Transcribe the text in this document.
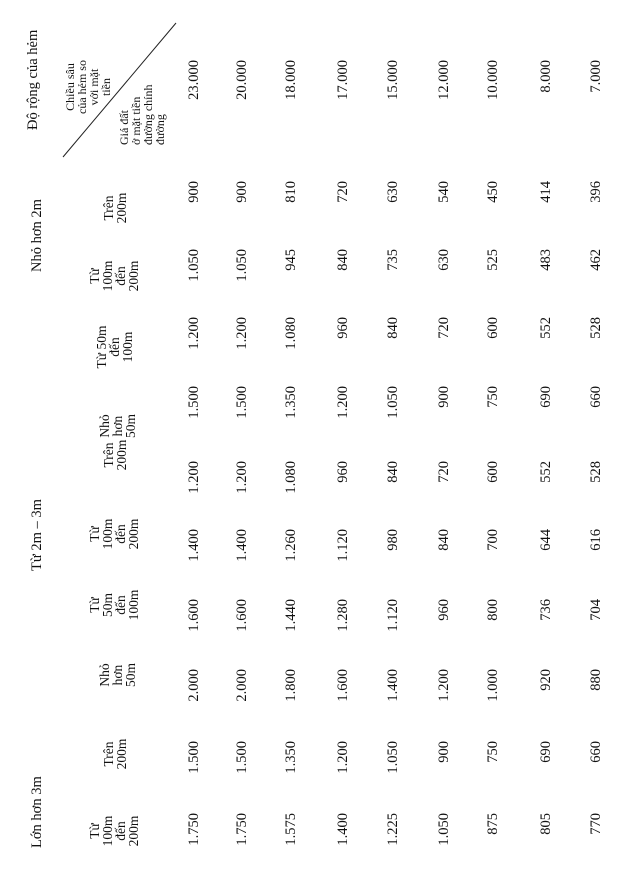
Lớn hơn 3m
Từ 2m – 3m
Nhỏ hơn 2m
Độ rộng của hẻm
Từ
100m
đến
200m
Trên
200m
Nhỏ
hơn
50m
Từ
50m
đến
100m
Từ
100m
đến
200m
Trên
200m
Nhỏ
hơn
50m
Từ 50m
đến
100m
Từ
100m
đến
200m
Trên
200m
Chiều sâu
của hẻm so
với mặt
tiền
Giá đất
ở mặt tiền
đường chính
đường
1.750
1.500
2.000
1.600
1.400
1.200
1.500
1.200
1.050
900
23.000
1.750
1.500
2.000
1.600
1.400
1.200
1.500
1.200
1.050
900
20.000
1.575
1.350
1.800
1.440
1.260
1.080
1.350
1.080
945
810
18.000
1.400
1.200
1.600
1.280
1.120
960
1.200
960
840
720
17.000
1.225
1.050
1.400
1.120
980
840
1.050
840
735
630
15.000
1.050
900
1.200
960
840
720
900
720
630
540
12.000
875
750
1.000
800
700
600
750
600
525
450
10.000
805
690
920
736
644
552
690
552
483
414
8.000
770
660
880
704
616
528
660
528
462
396
7.000
